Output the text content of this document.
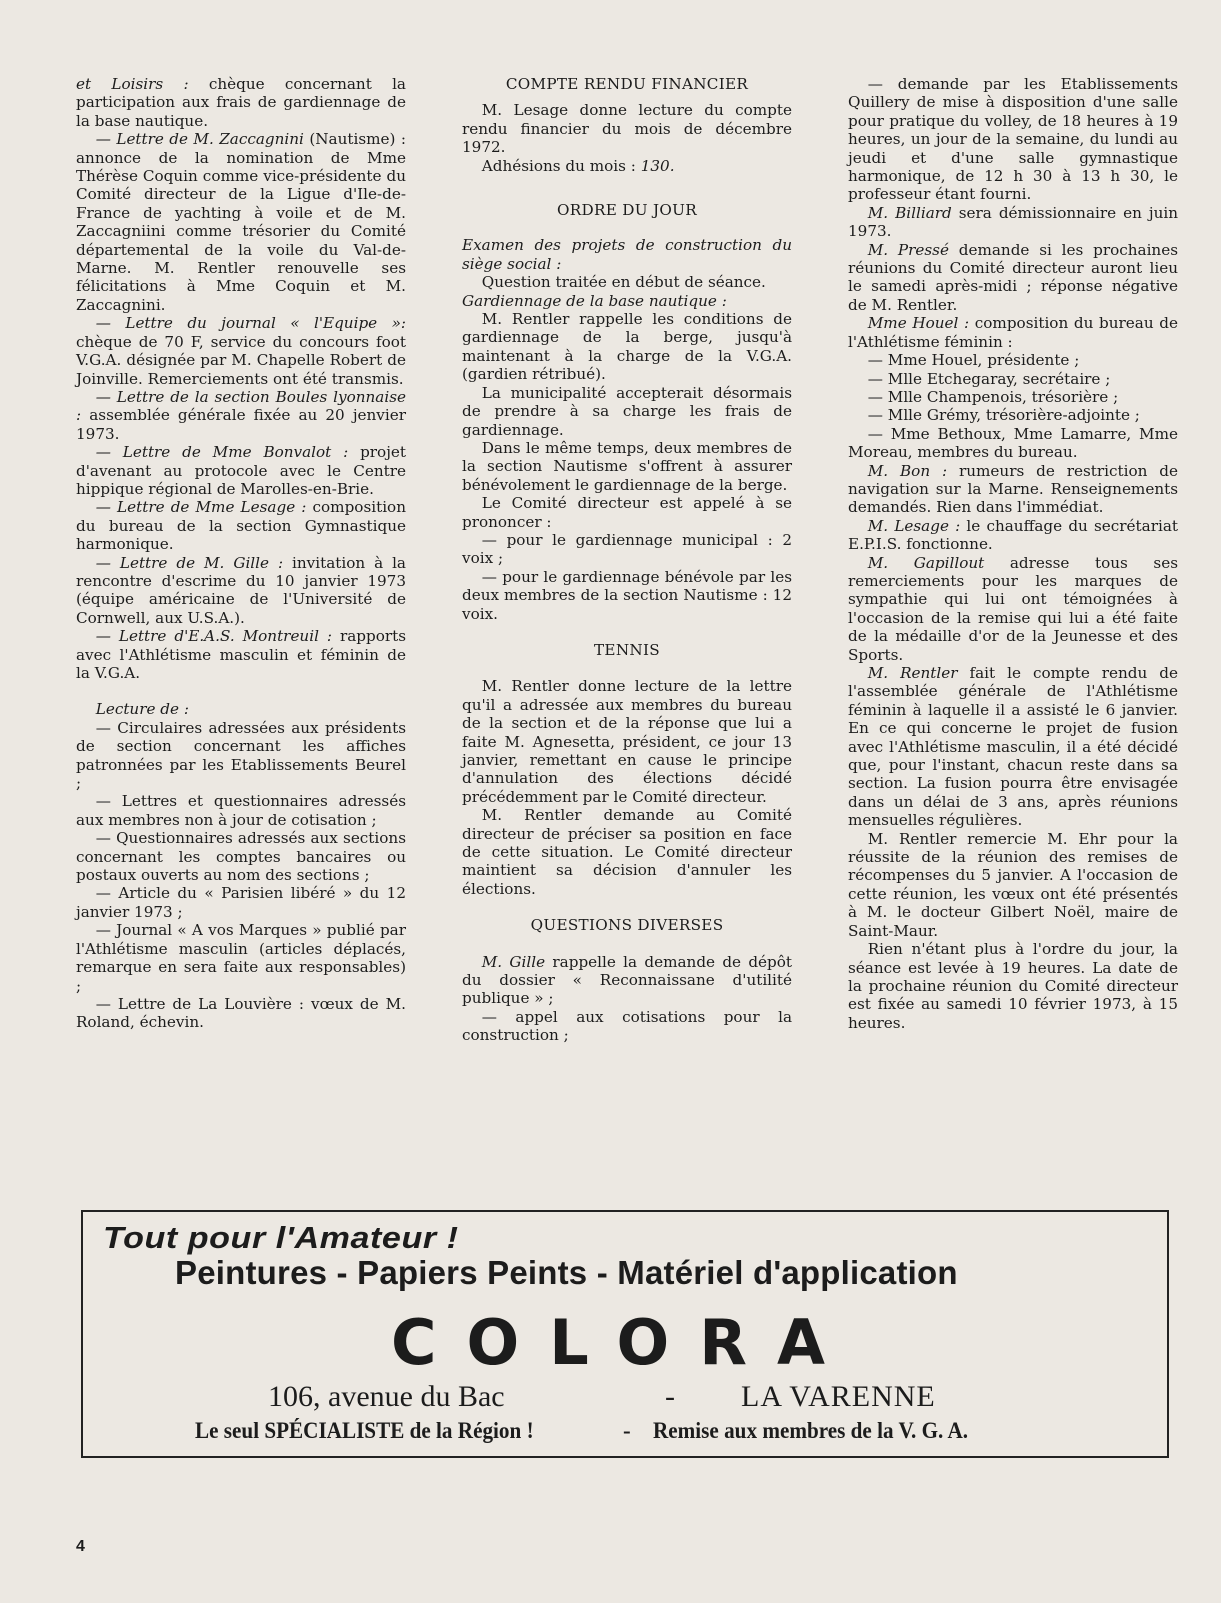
et Loisirs : chèque concernant la participation aux frais de gardiennage de la base nautique.

— Lettre de M. Zaccagnini (Nautisme) : annonce de la nomination de Mme Thérèse Coquin comme vice-présidente du Comité directeur de la Ligue d'Ile-de-France de yachting à voile et de M. Zaccagniini comme trésorier du Comité départemental de la voile du Val-de-Marne. M. Rentler renouvelle ses félicitations à Mme Coquin et M. Zaccagnini.

— Lettre du journal « l'Equipe »: chèque de 70 F, service du concours foot V.G.A. désignée par M. Chapelle Robert de Joinville. Remerciements ont été transmis.

— Lettre de la section Boules lyonnaise : assemblée générale fixée au 20 jenvier 1973.

— Lettre de Mme Bonvalot : projet d'avenant au protocole avec le Centre hippique régional de Marolles-en-Brie.

— Lettre de Mme Lesage : composition du bureau de la section Gymnastique harmonique.

— Lettre de M. Gille : invitation à la rencontre d'escrime du 10 janvier 1973 (équipe américaine de l'Université de Cornwell, aux U.S.A.).

— Lettre d'E.A.S. Montreuil : rapports avec l'Athlétisme masculin et féminin de la V.G.A.

Lecture de :

— Circulaires adressées aux présidents de section concernant les affiches patronnées par les Etablissements Beurel ;

— Lettres et questionnaires adressés aux membres non à jour de cotisation ;

— Questionnaires adressés aux sections concernant les comptes bancaires ou postaux ouverts au nom des sections ;

— Article du « Parisien libéré » du 12 janvier 1973 ;

— Journal « A vos Marques » publié par l'Athlétisme masculin (articles déplacés, remarque en sera faite aux responsables) ;

— Lettre de La Louvière : vœux de M. Roland, échevin.

COMPTE RENDU FINANCIER

M. Lesage donne lecture du compte rendu financier du mois de décembre 1972.

Adhésions du mois : 130.

ORDRE DU JOUR

Examen des projets de construction du siège social :

Question traitée en début de séance.

Gardiennage de la base nautique :

M. Rentler rappelle les conditions de gardiennage de la berge, jusqu'à maintenant à la charge de la V.G.A. (gardien rétribué).

La municipalité accepterait désormais de prendre à sa charge les frais de gardiennage.

Dans le même temps, deux membres de la section Nautisme s'offrent à assurer bénévolement le gardiennage de la berge.

Le Comité directeur est appelé à se prononcer :

— pour le gardiennage municipal : 2 voix ;

— pour le gardiennage bénévole par les deux membres de la section Nautisme : 12 voix.

TENNIS

M. Rentler donne lecture de la lettre qu'il a adressée aux membres du bureau de la section et de la réponse que lui a faite M. Agnesetta, président, ce jour 13 janvier, remettant en cause le principe d'annulation des élections décidé précédemment par le Comité directeur.

M. Rentler demande au Comité directeur de préciser sa position en face de cette situation. Le Comité directeur maintient sa décision d'annuler les élections.

QUESTIONS DIVERSES

M. Gille rappelle la demande de dépôt du dossier « Reconnaissane d'utilité publique » ;

— appel aux cotisations pour la construction ;

— demande par les Etablissements Quillery de mise à disposition d'une salle pour pratique du volley, de 18 heures à 19 heures, un jour de la semaine, du lundi au jeudi et d'une salle gymnastique harmonique, de 12 h 30 à 13 h 30, le professeur étant fourni.

M. Billiard sera démissionnaire en juin 1973.

M. Pressé demande si les prochaines réunions du Comité directeur auront lieu le samedi après-midi ; réponse négative de M. Rentler.

Mme Houel : composition du bureau de l'Athlétisme féminin :

— Mme Houel, présidente ;

— Mlle Etchegaray, secrétaire ;

— Mlle Champenois, trésorière ;

— Mlle Grémy, trésorière-adjointe ;

— Mme Bethoux, Mme Lamarre, Mme Moreau, membres du bureau.

M. Bon : rumeurs de restriction de navigation sur la Marne. Renseignements demandés. Rien dans l'immédiat.

M. Lesage : le chauffage du secrétariat E.P.I.S. fonctionne.

M. Gapillout adresse tous ses remerciements pour les marques de sympathie qui lui ont témoignées à l'occasion de la remise qui lui a été faite de la médaille d'or de la Jeunesse et des Sports.

M. Rentler fait le compte rendu de l'assemblée générale de l'Athlétisme féminin à laquelle il a assisté le 6 janvier. En ce qui concerne le projet de fusion avec l'Athlétisme masculin, il a été décidé que, pour l'instant, chacun reste dans sa section. La fusion pourra être envisagée dans un délai de 3 ans, après réunions mensuelles régulières.

M. Rentler remercie M. Ehr pour la réussite de la réunion des remises de récompenses du 5 janvier. A l'occasion de cette réunion, les vœux ont été présentés à M. le docteur Gilbert Noël, maire de Saint-Maur.

Rien n'étant plus à l'ordre du jour, la séance est levée à 19 heures. La date de la prochaine réunion du Comité directeur est fixée au samedi 10 février 1973, à 15 heures.

Tout pour l'Amateur !
Peintures - Papiers Peints - Matériel d'application
COLORA
106, avenue du Bac	- LA VARENNE
Le seul SPÉCIALISTE de la Région !	- Remise aux membres de la V. G. A.
4
